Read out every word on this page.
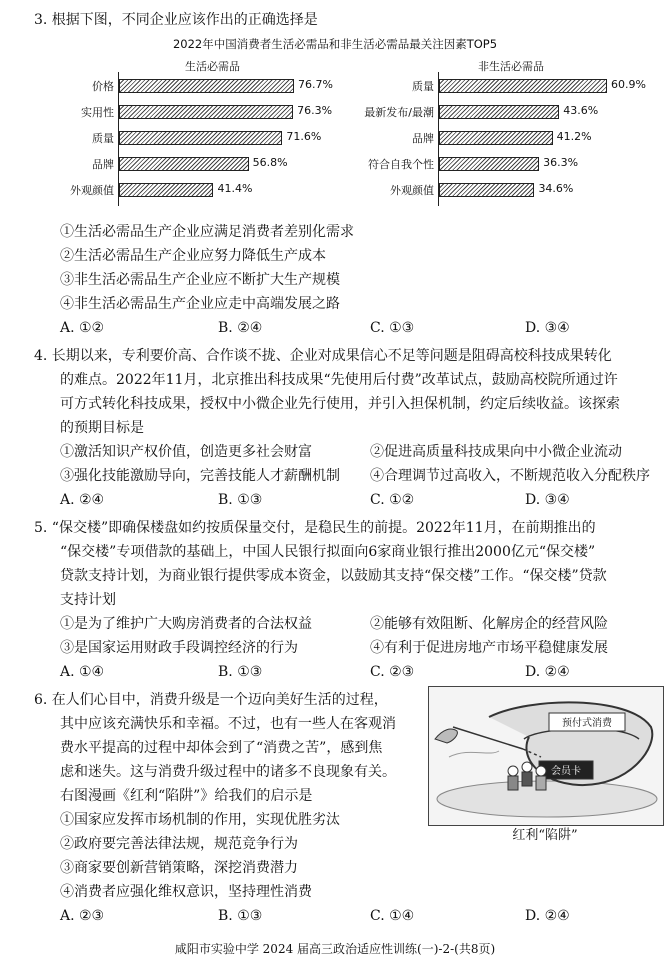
3. 根据下图，不同企业应该作出的正确选择是
2022年中国消费者生活必需品和非生活必需品最关注因素TOP5
生活必需品	非生活必需品
价格	76.7%
实用性	76.3%
质量	71.6%
品牌	56.8%
外观颜值	41.4%
质量	60.9%
最新发布/最潮	43.6%
品牌	41.2%
符合自我个性	36.3%
外观颜值	34.6%
①生活必需品生产企业应满足消费者差别化需求
②生活必需品生产企业应努力降低生产成本
③非生活必需品生产企业应不断扩大生产规模
④非生活必需品生产企业应走中高端发展之路
A. ①②	B. ②④	C. ①③	D. ③④
4. 长期以来，专利要价高、合作谈不拢、企业对成果信心不足等问题是阻碍高校科技成果转化
的难点。2022年11月，北京推出科技成果“先使用后付费”改革试点，鼓励高校院所通过许
可方式转化科技成果，授权中小微企业先行使用，并引入担保机制，约定后续收益。该探索
的预期目标是
①激活知识产权价值，创造更多社会财富	②促进高质量科技成果向中小微企业流动
③强化技能激励导向，完善技能人才薪酬机制 ④合理调节过高收入，不断规范收入分配秩序
A. ②④	B. ①③	C. ①②	D. ③④
5. “保交楼”即确保楼盘如约按质保量交付，是稳民生的前提。2022年11月，在前期推出的
“保交楼”专项借款的基础上，中国人民银行拟面向6家商业银行推出2000亿元“保交楼”
贷款支持计划，为商业银行提供零成本资金，以鼓励其支持“保交楼”工作。“保交楼”贷款
支持计划
①是为了维护广大购房消费者的合法权益	②能够有效阻断、化解房企的经营风险
③是国家运用财政手段调控经济的行为	④有利于促进房地产市场平稳健康发展
A. ①④	B. ①③	C. ②③	D. ②④
6. 在人们心目中，消费升级是一个迈向美好生活的过程，
其中应该充满快乐和幸福。不过，也有一些人在客观消
费水平提高的过程中却体会到了“消费之苦”，感到焦
虑和迷失。这与消费升级过程中的诸多不良现象有关。
右图漫画《红利“陷阱”》给我们的启示是
①国家应发挥市场机制的作用，实现优胜劣汰
②政府要完善法律法规，规范竞争行为
③商家要创新营销策略，深挖消费潜力
④消费者应强化维权意识，坚持理性消费
A. ②③	B. ①③	C. ①④	D. ②④
预付式消费
会员卡
红利“陷阱”
咸阳市实验中学 2024 届高三政治适应性训练(一)-2-(共8页)
